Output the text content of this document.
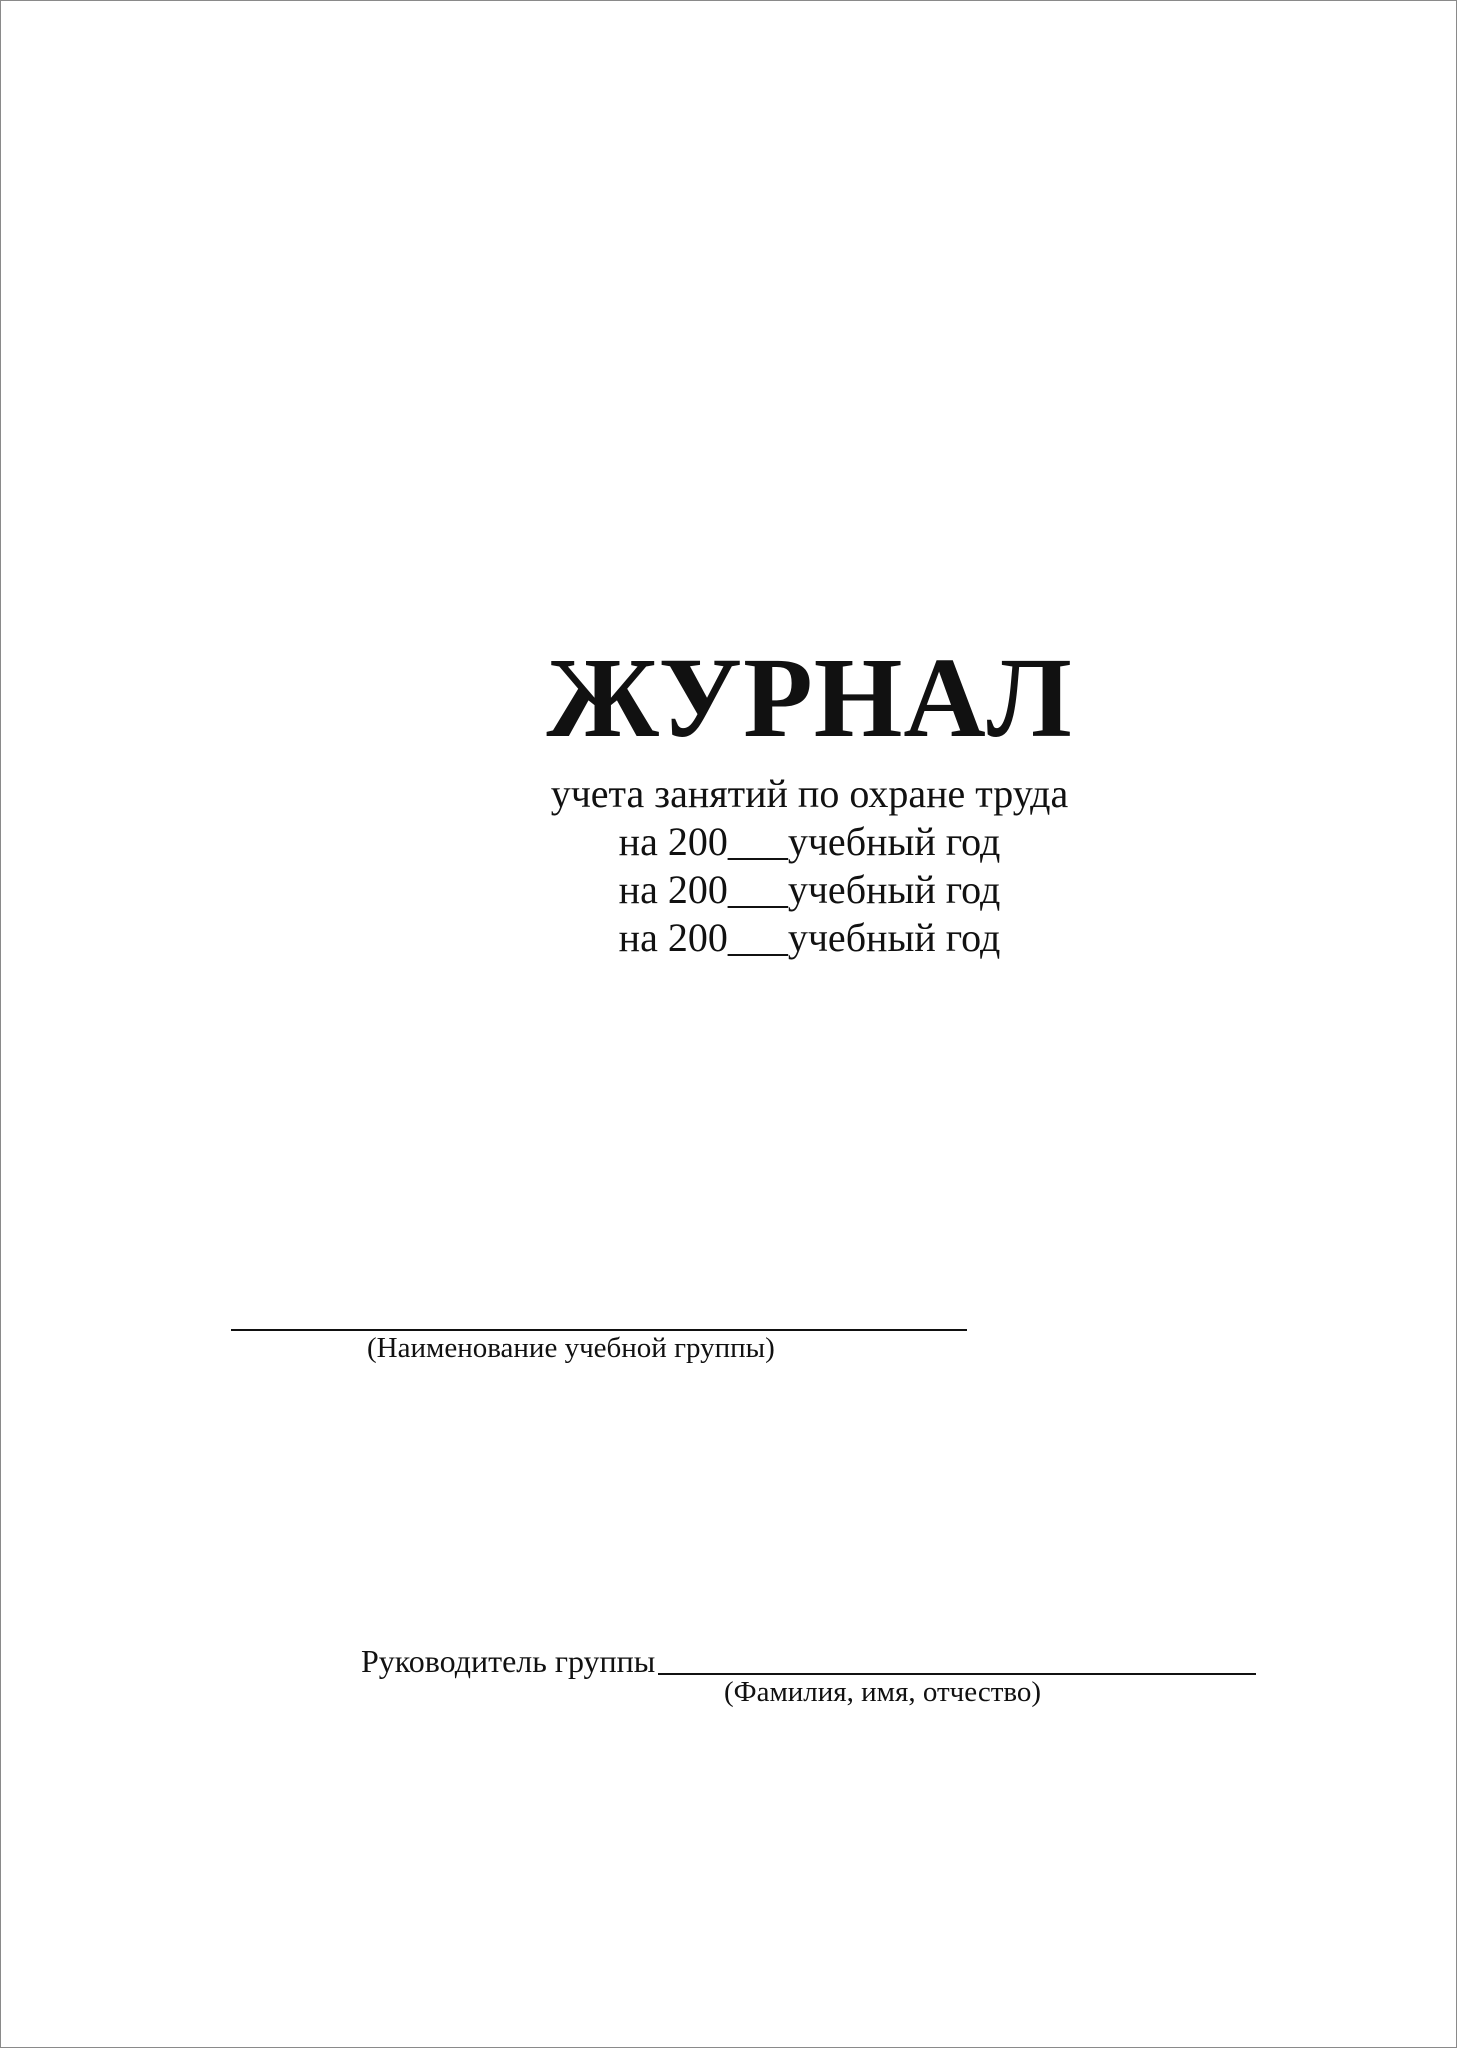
ЖУРНАЛ
учета занятий по охране труда
на 200___учебный год
на 200___учебный год
на 200___учебный год
(Наименование учебной группы)
Руководитель группы
(Фамилия, имя, отчество)
